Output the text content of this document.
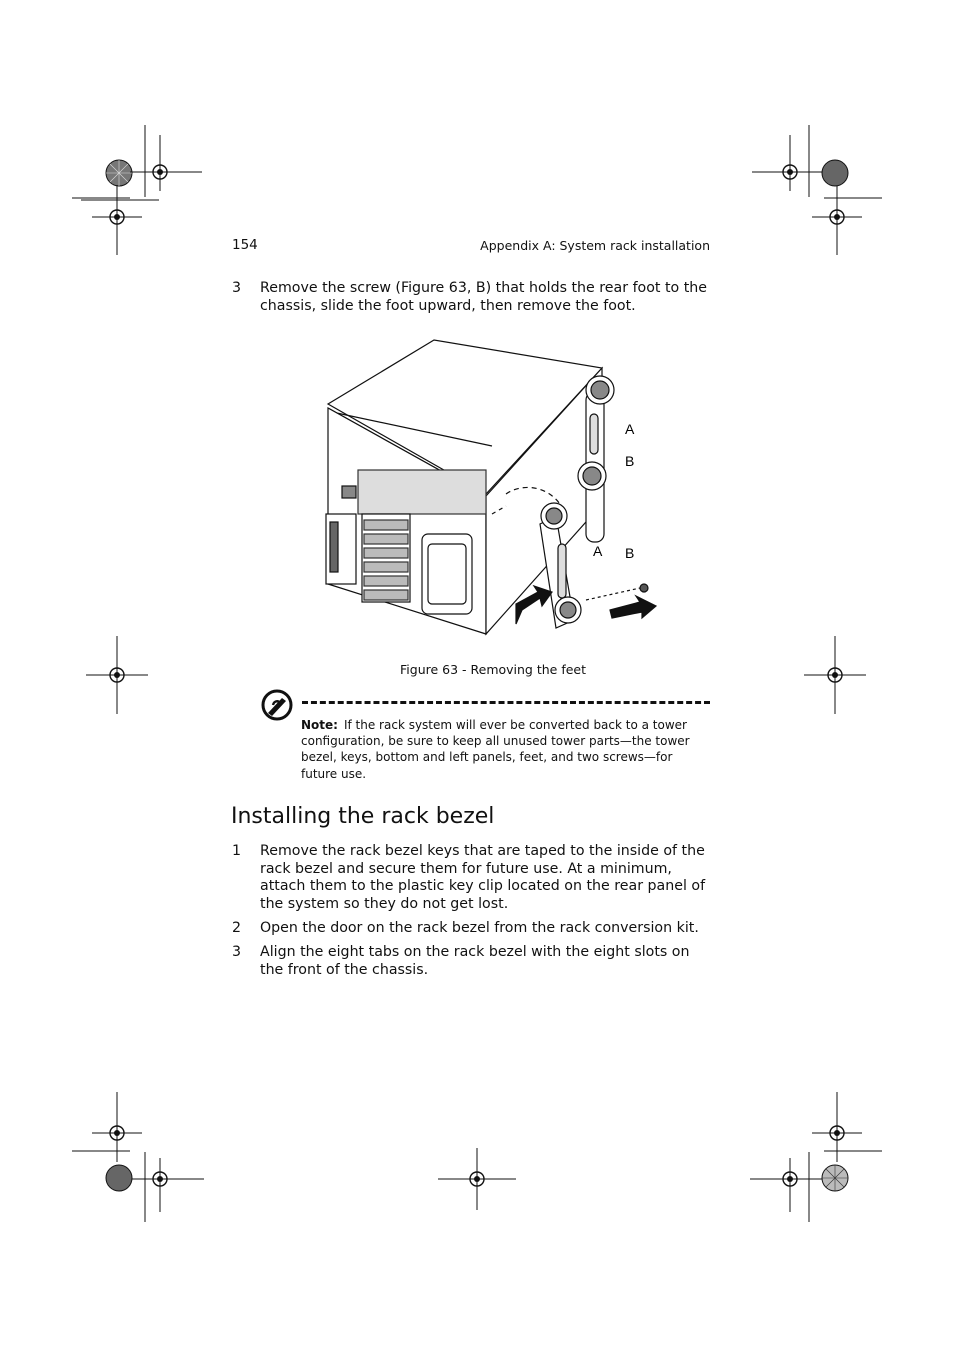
154	Appendix A: System rack installation
3 Remove the screw (Figure 63, B) that holds the rear foot to the chassis, slide the foot upward, then remove the foot.
A
B
A B
Figure 63 - Removing the feet
Note: If the rack system will ever be converted back to a tower configuration, be sure to keep all unused tower parts—the tower bezel, keys, bottom and left panels, feet, and two screws—for future use.
Installing the rack bezel
1 Remove the rack bezel keys that are taped to the inside of the rack bezel and secure them for future use. At a minimum, attach them to the plastic key clip located on the rear panel of the system so they do not get lost.
2 Open the door on the rack bezel from the rack conversion kit.
3 Align the eight tabs on the rack bezel with the eight slots on the front of the chassis.
